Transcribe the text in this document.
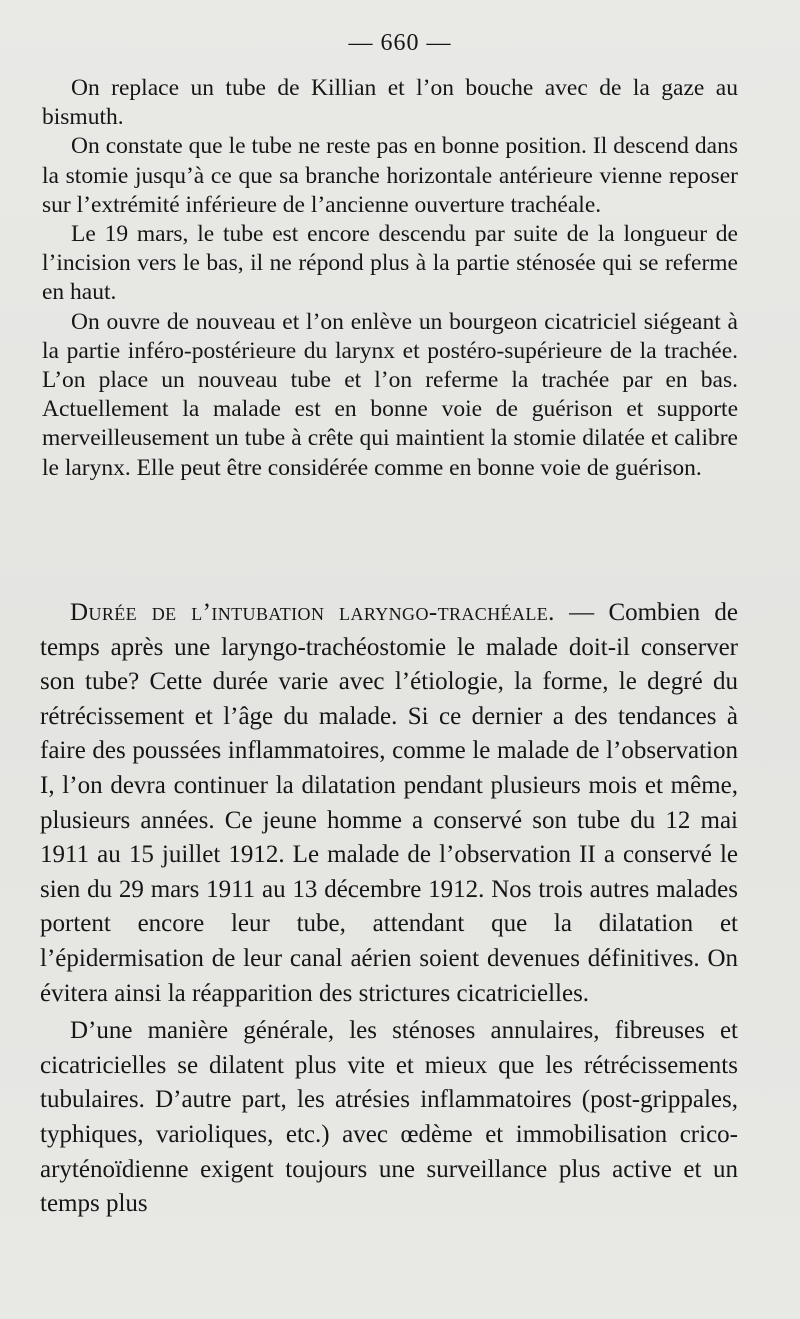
— 660 —

On replace un tube de Killian et l’on bouche avec de la gaze au bismuth.

On constate que le tube ne reste pas en bonne position. Il descend dans la stomie jusqu’à ce que sa branche horizontale antérieure vienne reposer sur l’extrémité inférieure de l’ancienne ouverture trachéale.

Le 19 mars, le tube est encore descendu par suite de la longueur de l’incision vers le bas, il ne répond plus à la partie sténosée qui se referme en haut.

On ouvre de nouveau et l’on enlève un bourgeon cicatriciel siégeant à la partie inféro-postérieure du larynx et postéro-supérieure de la trachée. L’on place un nouveau tube et l’on referme la trachée par en bas. Actuellement la malade est en bonne voie de guérison et supporte merveilleusement un tube à crête qui maintient la stomie dilatée et calibre le larynx. Elle peut être considérée comme en bonne voie de guérison.

Durée de l’intubation laryngo-trachéale. — Combien de temps après une laryngo-trachéostomie le malade doit-il conserver son tube? Cette durée varie avec l’étiologie, la forme, le degré du rétrécissement et l’âge du malade. Si ce dernier a des tendances à faire des poussées inflammatoires, comme le malade de l’observation I, l’on devra continuer la dilatation pendant plusieurs mois et même, plusieurs années. Ce jeune homme a conservé son tube du 12 mai 1911 au 15 juillet 1912. Le malade de l’observation II a conservé le sien du 29 mars 1911 au 13 décembre 1912. Nos trois autres malades portent encore leur tube, attendant que la dilatation et l’épidermisation de leur canal aérien soient devenues définitives. On évitera ainsi la réapparition des strictures cicatricielles.

D’une manière générale, les sténoses annulaires, fibreuses et cicatricielles se dilatent plus vite et mieux que les rétrécissements tubulaires. D’autre part, les atrésies inflammatoires (post-grippales, typhiques, varioliques, etc.) avec œdème et immobilisation crico-aryténoïdienne exigent toujours une surveillance plus active et un temps plus
